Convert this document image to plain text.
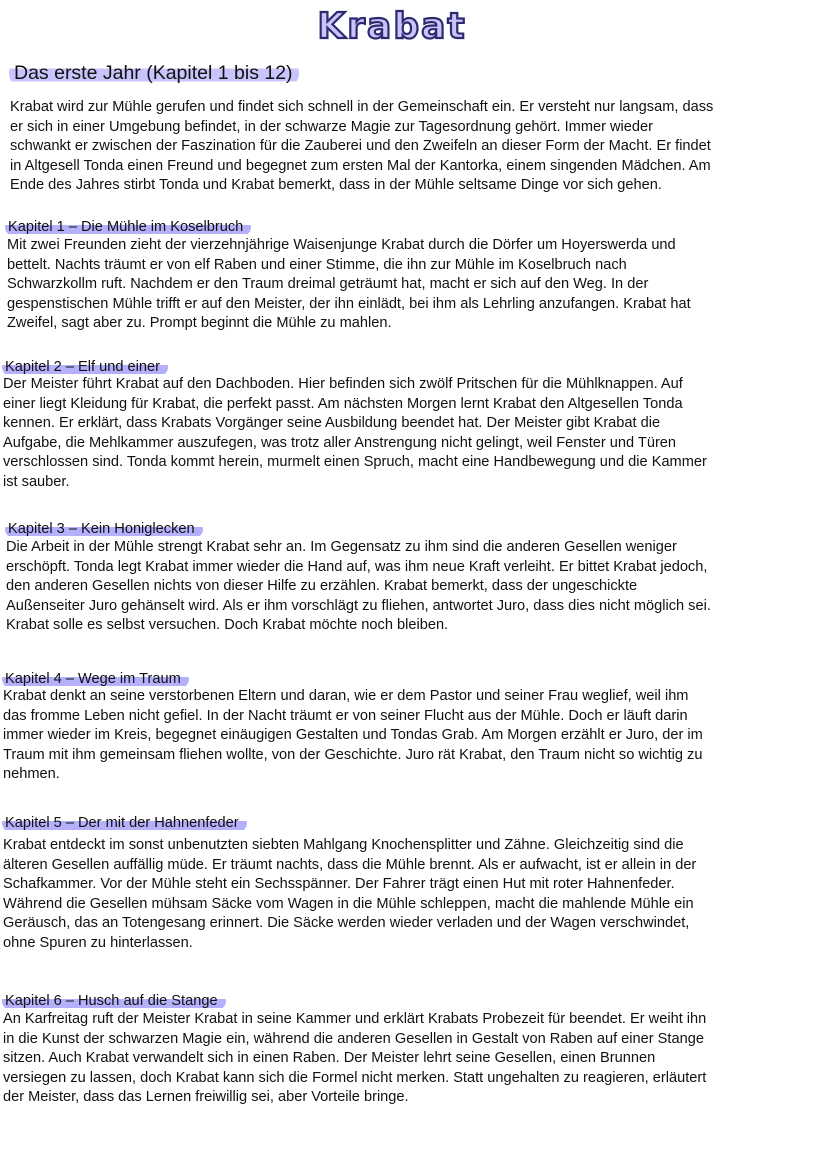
Krabat
Das erste Jahr (Kapitel 1 bis 12)

Krabat wird zur Mühle gerufen und findet sich schnell in der Gemeinschaft ein. Er versteht nur langsam, dass

er sich in einer Umgebung befindet, in der schwarze Magie zur Tagesordnung gehört. Immer wieder

schwankt er zwischen der Faszination für die Zauberei und den Zweifeln an dieser Form der Macht. Er findet

in Altgesell Tonda einen Freund und begegnet zum ersten Mal der Kantorka, einem singenden Mädchen. Am

Ende des Jahres stirbt Tonda und Krabat bemerkt, dass in der Mühle seltsame Dinge vor sich gehen.

Kapitel 1 – Die Mühle im Koselbruch

Mit zwei Freunden zieht der vierzehnjährige Waisenjunge Krabat durch die Dörfer um Hoyerswerda und

bettelt. Nachts träumt er von elf Raben und einer Stimme, die ihn zur Mühle im Koselbruch nach

Schwarzkollm ruft. Nachdem er den Traum dreimal geträumt hat, macht er sich auf den Weg. In der

gespenstischen Mühle trifft er auf den Meister, der ihn einlädt, bei ihm als Lehrling anzufangen. Krabat hat

Zweifel, sagt aber zu. Prompt beginnt die Mühle zu mahlen.

Kapitel 2 – Elf und einer

Der Meister führt Krabat auf den Dachboden. Hier befinden sich zwölf Pritschen für die Mühlknappen. Auf

einer liegt Kleidung für Krabat, die perfekt passt. Am nächsten Morgen lernt Krabat den Altgesellen Tonda

kennen. Er erklärt, dass Krabats Vorgänger seine Ausbildung beendet hat. Der Meister gibt Krabat die

Aufgabe, die Mehlkammer auszufegen, was trotz aller Anstrengung nicht gelingt, weil Fenster und Türen

verschlossen sind. Tonda kommt herein, murmelt einen Spruch, macht eine Handbewegung und die Kammer

ist sauber.

Kapitel 3 – Kein Honiglecken

Die Arbeit in der Mühle strengt Krabat sehr an. Im Gegensatz zu ihm sind die anderen Gesellen weniger

erschöpft. Tonda legt Krabat immer wieder die Hand auf, was ihm neue Kraft verleiht. Er bittet Krabat jedoch,

den anderen Gesellen nichts von dieser Hilfe zu erzählen. Krabat bemerkt, dass der ungeschickte

Außenseiter Juro gehänselt wird. Als er ihm vorschlägt zu fliehen, antwortet Juro, dass dies nicht möglich sei.

Krabat solle es selbst versuchen. Doch Krabat möchte noch bleiben.

Kapitel 4 – Wege im Traum

Krabat denkt an seine verstorbenen Eltern und daran, wie er dem Pastor und seiner Frau weglief, weil ihm

das fromme Leben nicht gefiel. In der Nacht träumt er von seiner Flucht aus der Mühle. Doch er läuft darin

immer wieder im Kreis, begegnet einäugigen Gestalten und Tondas Grab. Am Morgen erzählt er Juro, der im

Traum mit ihm gemeinsam fliehen wollte, von der Geschichte. Juro rät Krabat, den Traum nicht so wichtig zu

nehmen.

Kapitel 5 – Der mit der Hahnenfeder

Krabat entdeckt im sonst unbenutzten siebten Mahlgang Knochensplitter und Zähne. Gleichzeitig sind die

älteren Gesellen auffällig müde. Er träumt nachts, dass die Mühle brennt. Als er aufwacht, ist er allein in der

Schafkammer. Vor der Mühle steht ein Sechsspänner. Der Fahrer trägt einen Hut mit roter Hahnenfeder.

Während die Gesellen mühsam Säcke vom Wagen in die Mühle schleppen, macht die mahlende Mühle ein

Geräusch, das an Totengesang erinnert. Die Säcke werden wieder verladen und der Wagen verschwindet,

ohne Spuren zu hinterlassen.

Kapitel 6 – Husch auf die Stange

An Karfreitag ruft der Meister Krabat in seine Kammer und erklärt Krabats Probezeit für beendet. Er weiht ihn

in die Kunst der schwarzen Magie ein, während die anderen Gesellen in Gestalt von Raben auf einer Stange

sitzen. Auch Krabat verwandelt sich in einen Raben. Der Meister lehrt seine Gesellen, einen Brunnen

versiegen zu lassen, doch Krabat kann sich die Formel nicht merken. Statt ungehalten zu reagieren, erläutert

der Meister, dass das Lernen freiwillig sei, aber Vorteile bringe.
